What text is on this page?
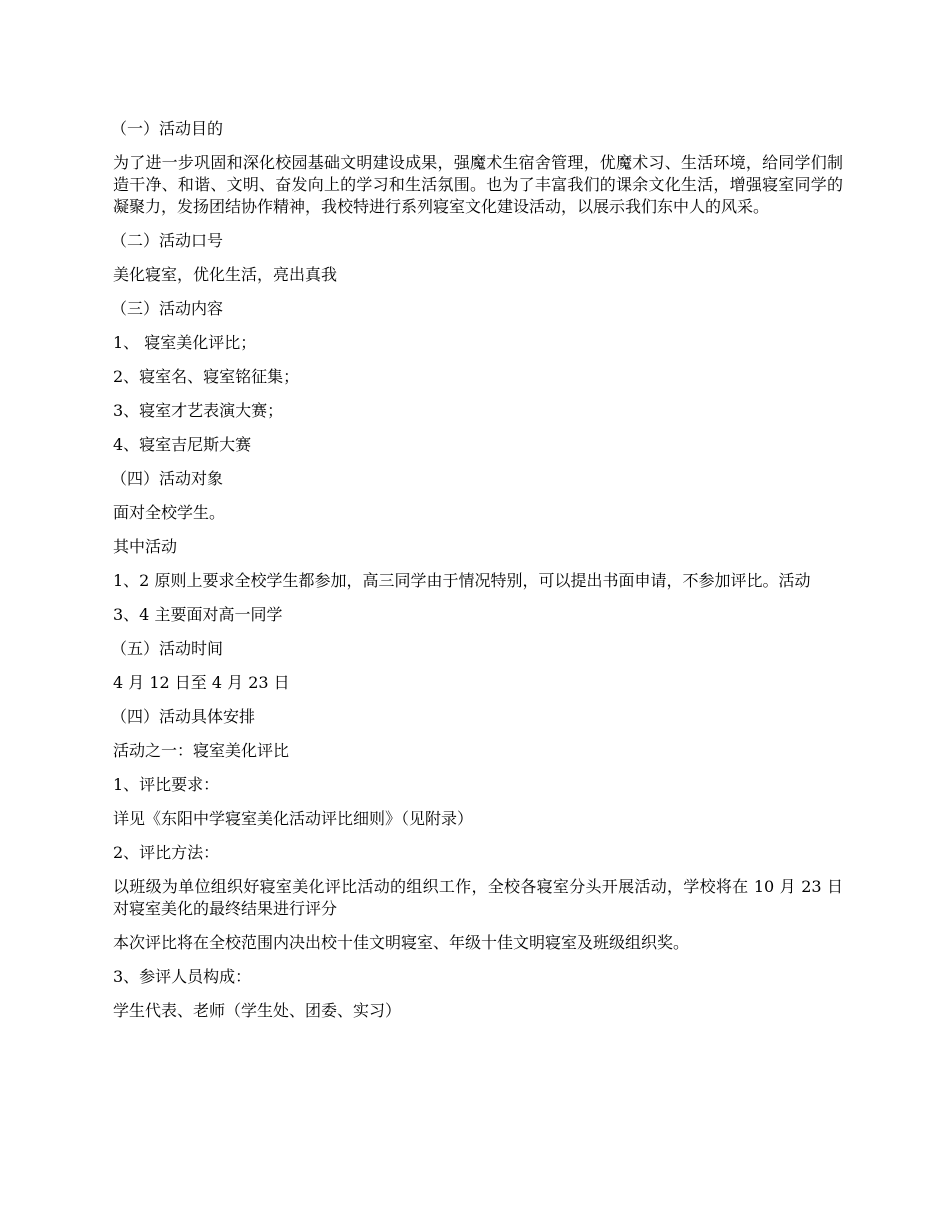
（一）活动目的

为了进一步巩固和深化校园基础文明建设成果，强魔术生宿舍管理，优魔术习、生活环境，给同学们制造干净、和谐、文明、奋发向上的学习和生活氛围。也为了丰富我们的课余文化生活，增强寝室同学的凝聚力，发扬团结协作精神，我校特进行系列寝室文化建设活动，以展示我们东中人的风采。

（二）活动口号

美化寝室，优化生活，亮出真我

（三）活动内容

1、 寝室美化评比；

2、寝室名、寝室铭征集；

3、寝室才艺表演大赛；

4、寝室吉尼斯大赛

（四）活动对象

面对全校学生。

其中活动

1、2 原则上要求全校学生都参加，高三同学由于情况特别，可以提出书面申请，不参加评比。活动

3、4 主要面对高一同学

（五）活动时间

4 月 12 日至 4 月 23 日

（四）活动具体安排

活动之一：寝室美化评比

1、评比要求：

详见《东阳中学寝室美化活动评比细则》（见附录）

2、评比方法：

以班级为单位组织好寝室美化评比活动的组织工作，全校各寝室分头开展活动，学校将在 10 月 23 日对寝室美化的最终结果进行评分

本次评比将在全校范围内决出校十佳文明寝室、年级十佳文明寝室及班级组织奖。

3、参评人员构成：

学生代表、老师（学生处、团委、实习）
